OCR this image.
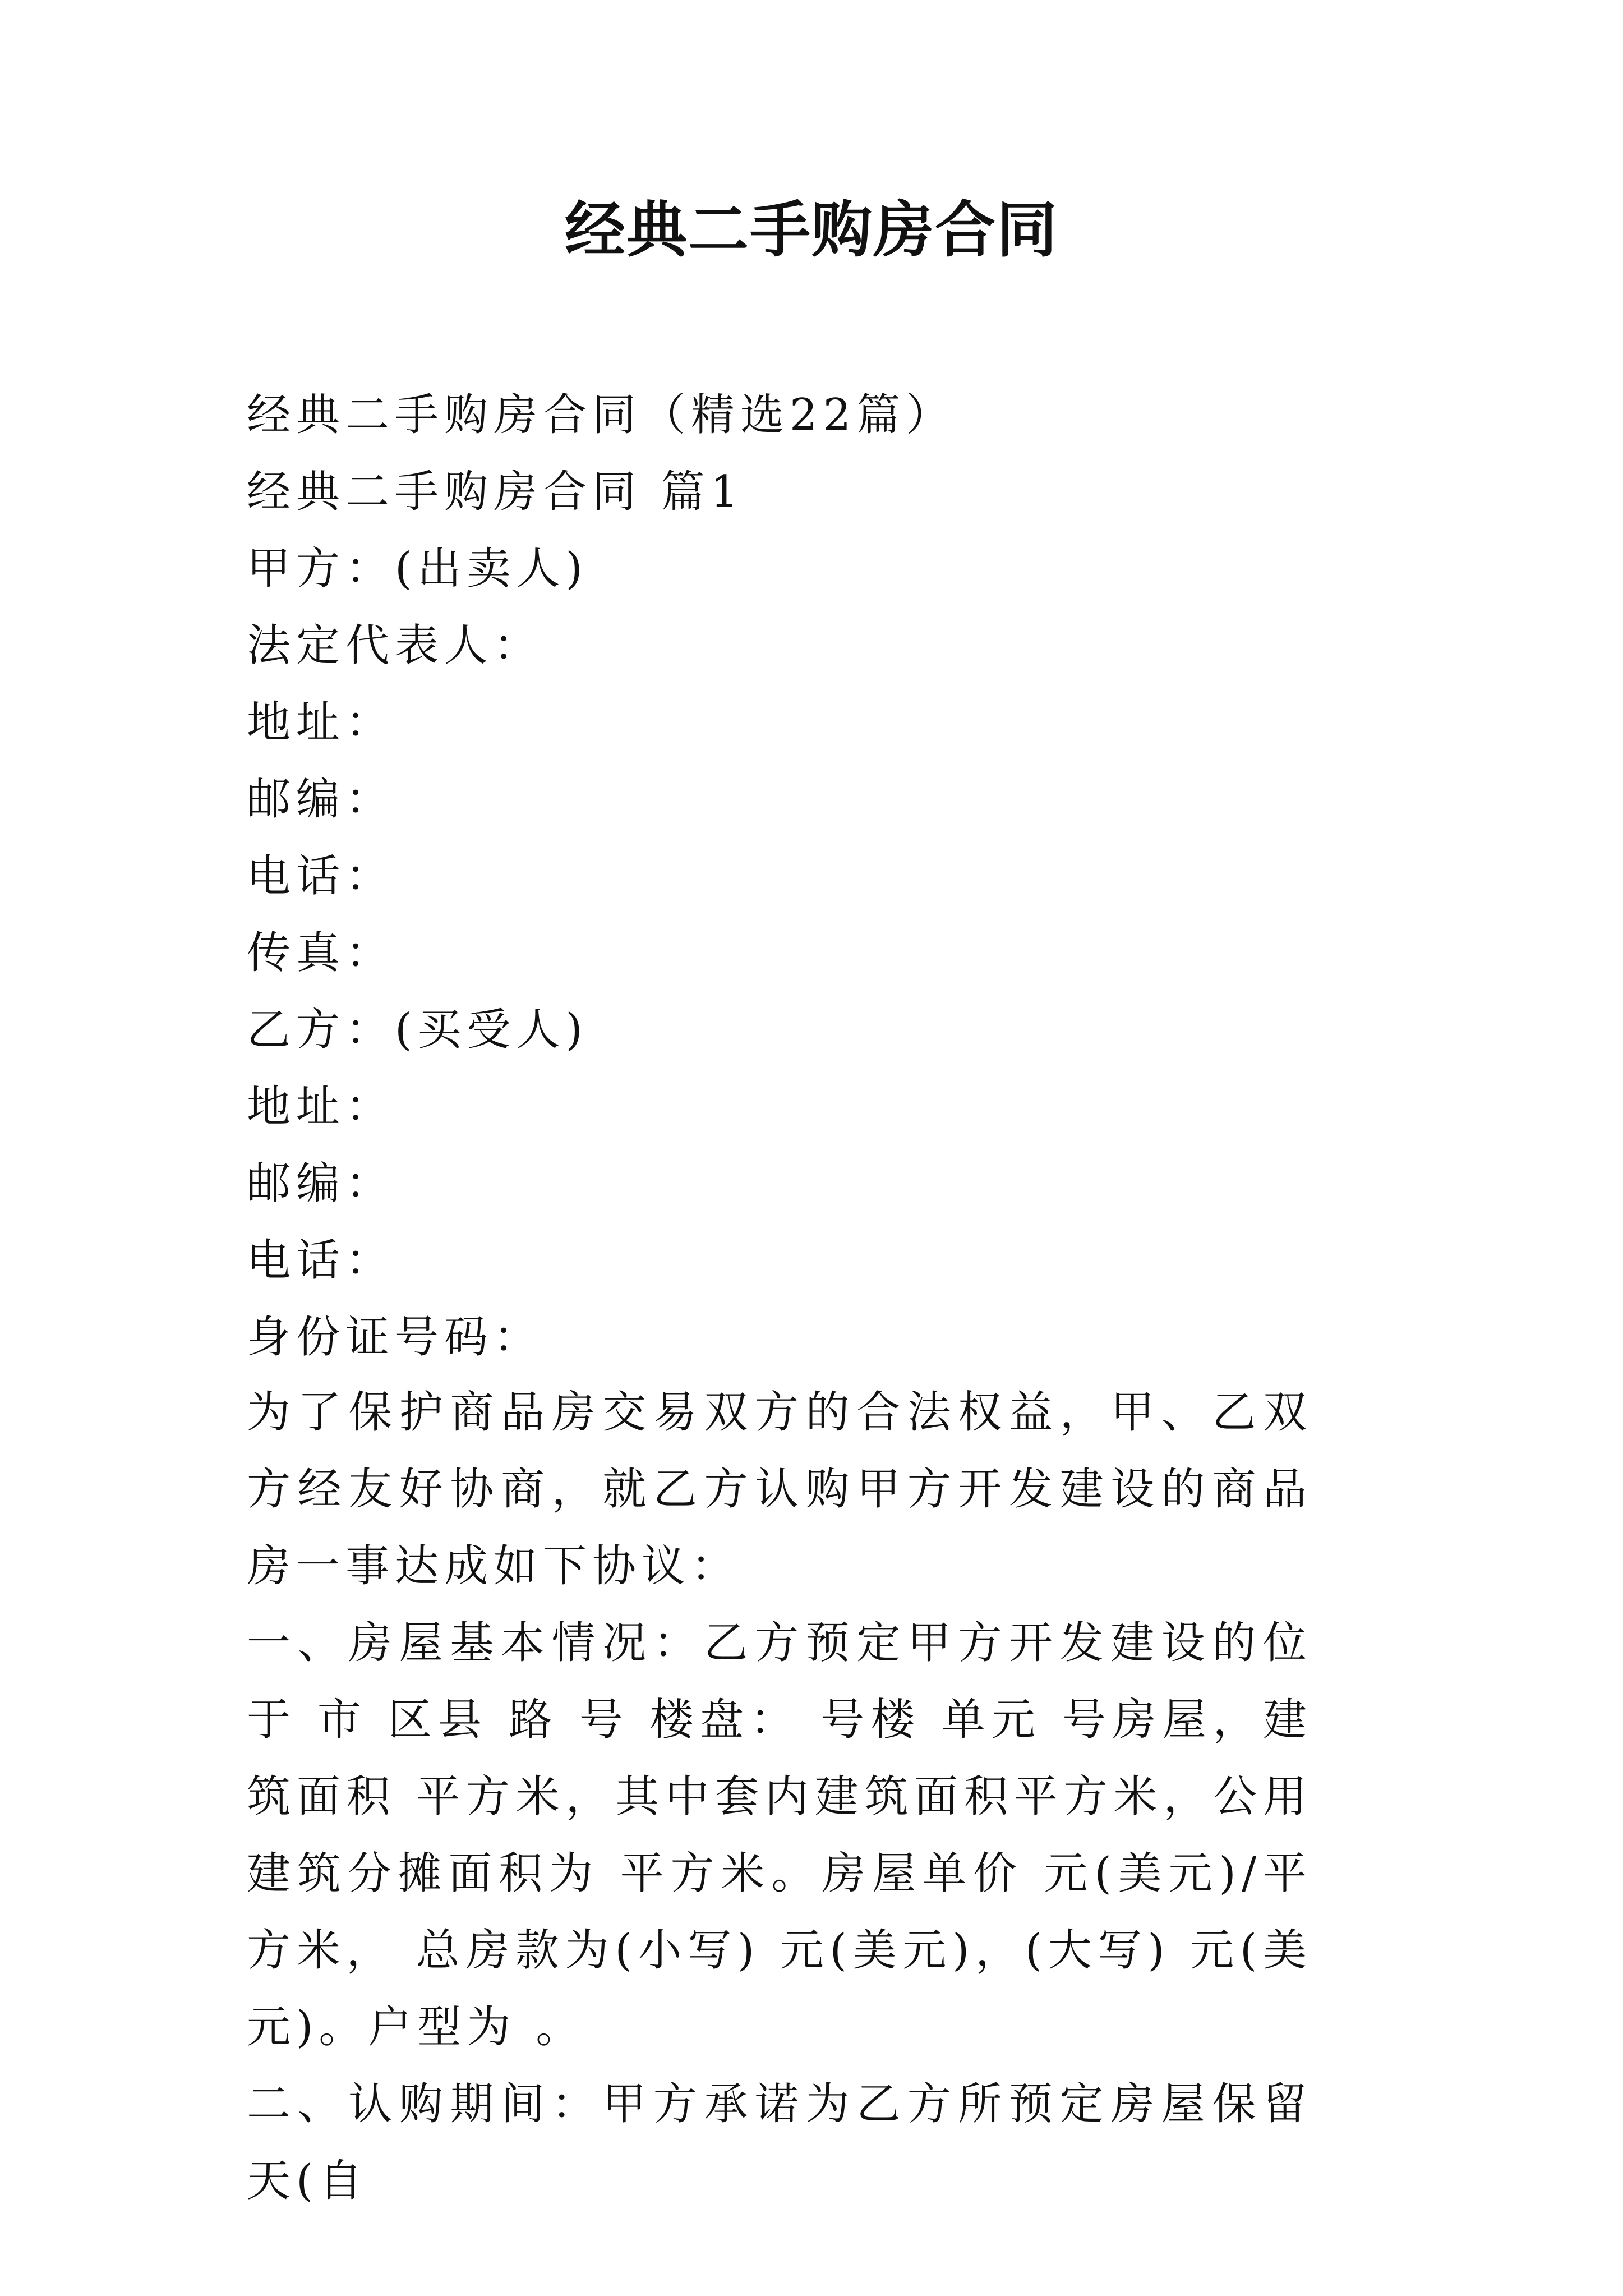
经典二手购房合同
经典二手购房合同（精选22篇）
经典二手购房合同 篇1
甲方：(出卖人)
法定代表人：
地址：
邮编：
电话：
传真：
乙方：(买受人)
地址：
邮编：
电话：
身份证号码：
为了保护商品房交易双方的合法权益，甲、乙双方经友好协商，就乙方认购甲方开发建设的商品房一事达成如下协议：
一、房屋基本情况：乙方预定甲方开发建设的位于 市 区县 路 号 楼盘： 号楼 单元 号房屋，建筑面积 平方米，其中套内建筑面积平方米，公用建筑分摊面积为 平方米。房屋单价 元(美元)/平方米， 总房款为(小写) 元(美元)，(大写) 元(美元)。户型为 。
二、认购期间：甲方承诺为乙方所预定房屋保留 天(自
